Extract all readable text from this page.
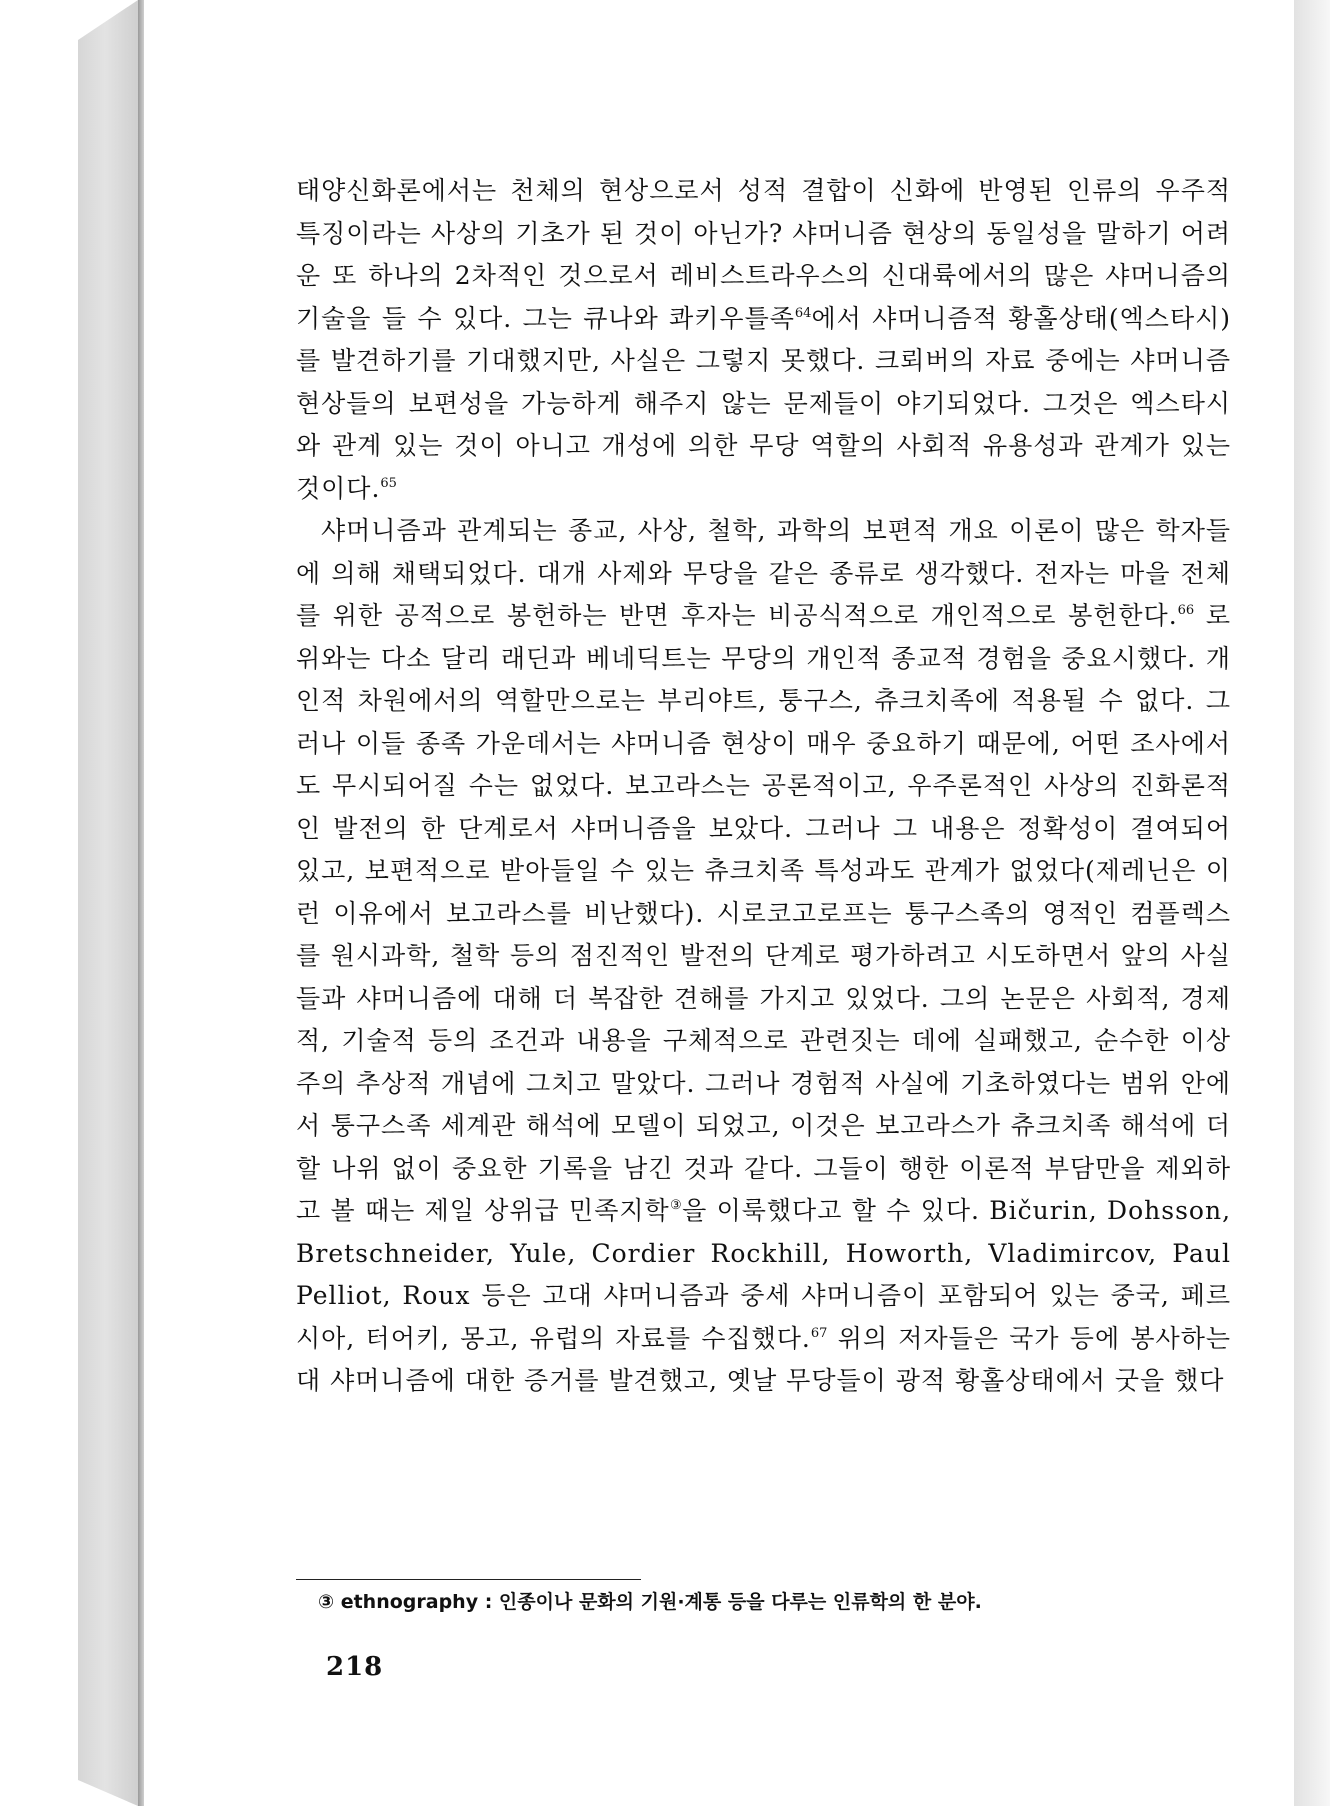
태양신화론에서는 천체의 현상으로서 성적 결합이 신화에 반영된 인류의 우주적 특징이라는 사상의 기초가 된 것이 아닌가? 샤머니즘 현상의 동일성을 말하기 어려운 또 하나의 2차적인 것으로서 레비스트라우스의 신대륙에서의 많은 샤머니즘의 기술을 들 수 있다. 그는 큐나와 콰키우틀족$^{64}$에서 샤머니즘적 황홀상태(엑스타시)를 발견하기를 기대했지만, 사실은 그렇지 못했다. 크뢰버의 자료 중에는 샤머니즘 현상들의 보편성을 가능하게 해주지 않는 문제들이 야기되었다. 그것은 엑스타시와 관계 있는 것이 아니고 개성에 의한 무당 역할의 사회적 유용성과 관계가 있는 것이다.$^{65}$

샤머니즘과 관계되는 종교, 사상, 철학, 과학의 보편적 개요 이론이 많은 학자들에 의해 채택되었다. 대개 사제와 무당을 같은 종류로 생각했다. 전자는 마을 전체를 위한 공적으로 봉헌하는 반면 후자는 비공식적으로 개인적으로 봉헌한다.$^{66}$ 로위와는 다소 달리 래딘과 베네딕트는 무당의 개인적 종교적 경험을 중요시했다. 개인적 차원에서의 역할만으로는 부리야트, 퉁구스, 츄크치족에 적용될 수 없다. 그러나 이들 종족 가운데서는 샤머니즘 현상이 매우 중요하기 때문에, 어떤 조사에서도 무시되어질 수는 없었다. 보고라스는 공론적이고, 우주론적인 사상의 진화론적인 발전의 한 단계로서 샤머니즘을 보았다. 그러나 그 내용은 정확성이 결여되어 있고, 보편적으로 받아들일 수 있는 츄크치족 특성과도 관계가 없었다(제레닌은 이런 이유에서 보고라스를 비난했다). 시로코고로프는 퉁구스족의 영적인 컴플렉스를 원시과학, 철학 등의 점진적인 발전의 단계로 평가하려고 시도하면서 앞의 사실들과 샤머니즘에 대해 더 복잡한 견해를 가지고 있었다. 그의 논문은 사회적, 경제적, 기술적 등의 조건과 내용을 구체적으로 관련짓는 데에 실패했고, 순수한 이상주의 추상적 개념에 그치고 말았다. 그러나 경험적 사실에 기초하였다는 범위 안에서 퉁구스족 세계관 해석에 모델이 되었고, 이것은 보고라스가 츄크치족 해석에 더할 나위 없이 중요한 기록을 남긴 것과 같다. 그들이 행한 이론적 부담만을 제외하고 볼 때는 제일 상위급 민족지학③을 이룩했다고 할 수 있다. Bičurin, Dohsson, Bretschneider, Yule, Cordier Rockhill, Howorth, Vladimircov, Paul Pelliot, Roux 등은 고대 샤머니즘과 중세 샤머니즘이 포함되어 있는 중국, 페르시아, 터어키, 몽고, 유럽의 자료를 수집했다.$^{67}$ 위의 저자들은 국가 등에 봉사하는 대 샤머니즘에 대한 증거를 발견했고, 옛날 무당들이 광적 황홀상태에서 굿을 했다

③ ethnography : 인종이나 문화의 기원·계통 등을 다루는 인류학의 한 분야.
218
